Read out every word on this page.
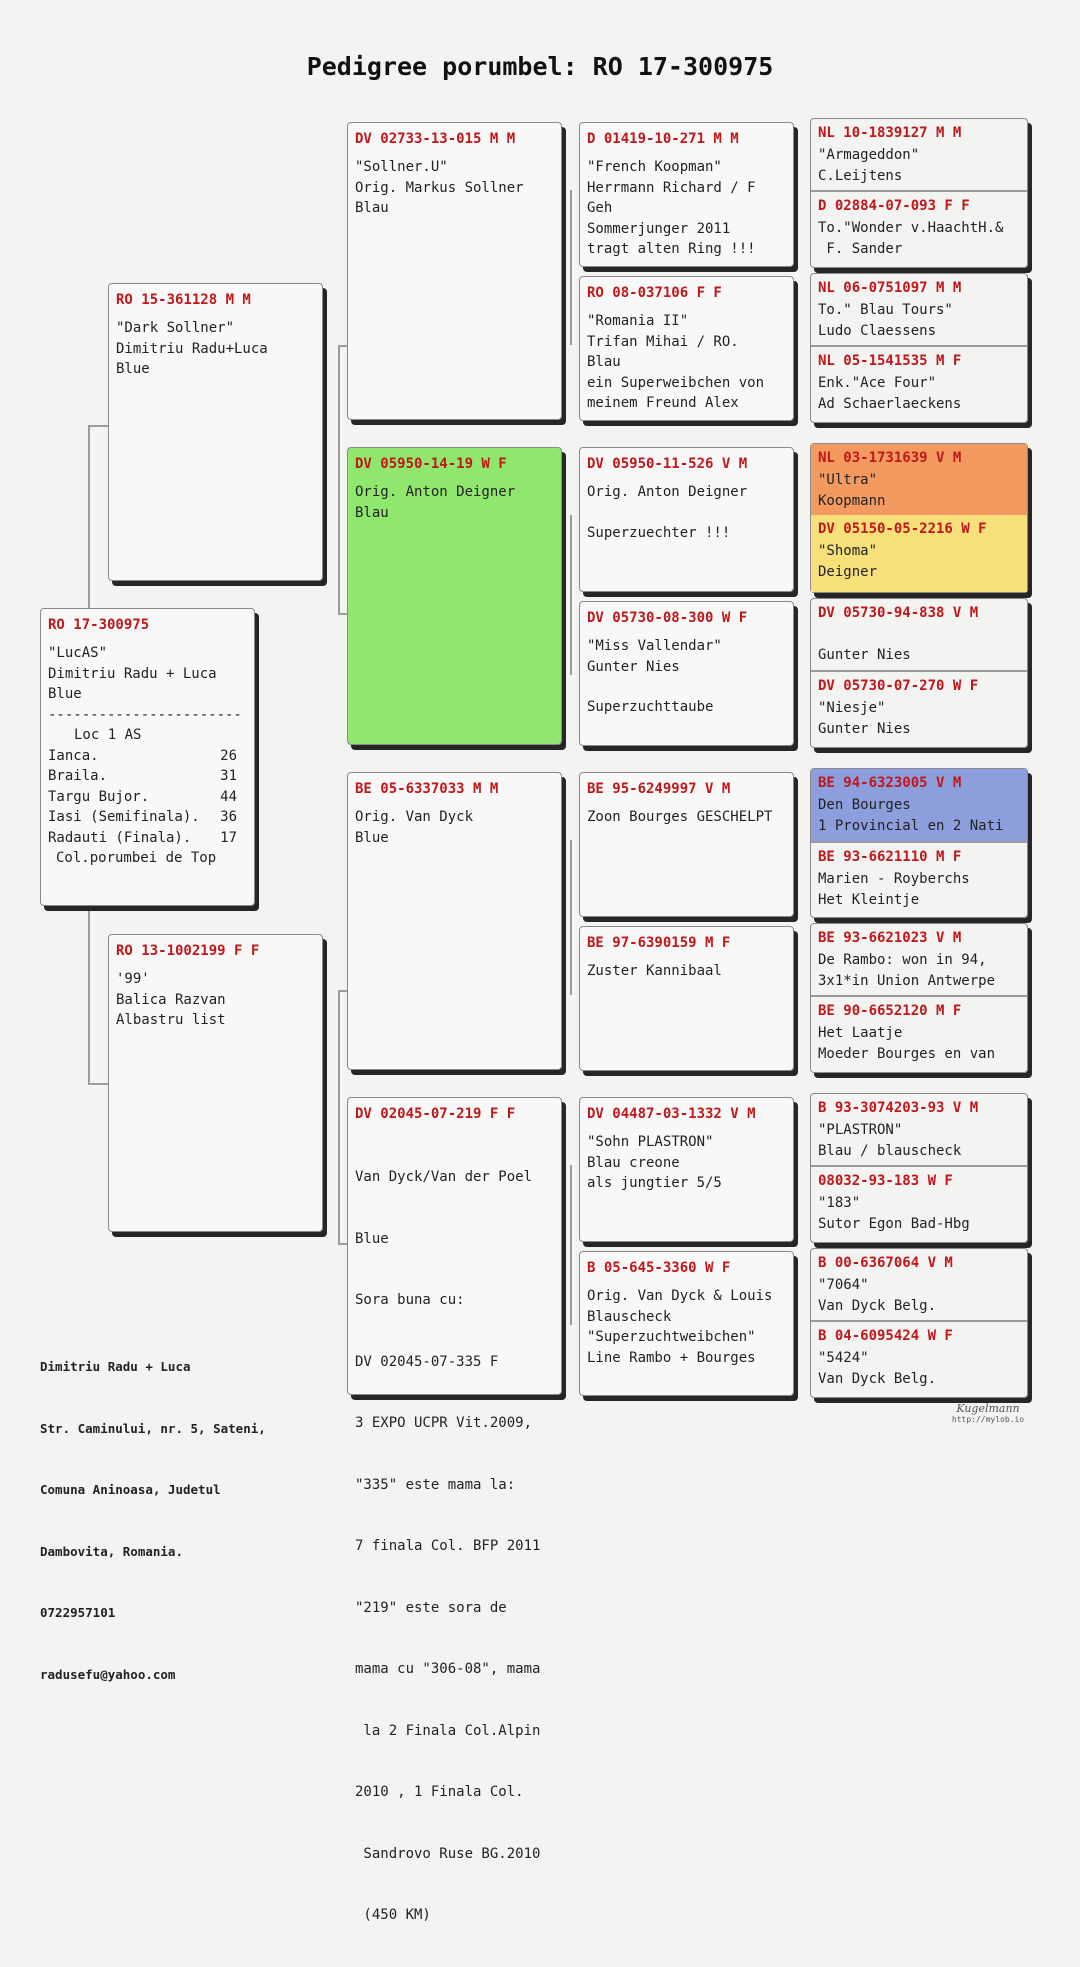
Pedigree porumbel: RO 17-300975
RO 17-300975
"LucAS"
Dimitriu Radu + Luca
Blue
-----------------------
Loc 1 AS
Ianca.	26
Braila.	31
Targu Bujor.	44
Iasi (Semifinala). 36
Radauti (Finala). 17
Col.porumbei de Top
RO 15-361128 M M
"Dark Sollner"
Dimitriu Radu+Luca
Blue
RO 13-1002199 F F
'99'
Balica Razvan
Albastru list
DV 02733-13-015 M M
"Sollner.U"
Orig. Markus Sollner
Blau
DV 05950-14-19 W F
Orig. Anton Deigner
Blau
BE 05-6337033 M M
Orig. Van Dyck
Blue
DV 02045-07-219 F F

Van Dyck/Van der Poel

Blue

Sora buna cu:

DV 02045-07-335 F

3 EXPO UCPR Vit.2009,

"335" este mama la:

7 finala Col. BFP 2011

"219" este sora de

mama cu "306-08", mama

la 2 Finala Col.Alpin

2010 , 1 Finala Col.

Sandrovo Ruse BG.2010

(450 KM)

D 01419-10-271 M M
"French Koopman"
Herrmann Richard / F
Geh
Sommerjunger 2011
tragt alten Ring !!!
RO 08-037106 F F
"Romania II"
Trifan Mihai / RO.
Blau
ein Superweibchen von
meinem Freund Alex
DV 05950-11-526 V M
Orig. Anton Deigner
Superzuechter !!!
DV 05730-08-300 W F
"Miss Vallendar"
Gunter Nies
Superzuchttaube
BE 95-6249997 V M
Zoon Bourges GESCHELPT
BE 97-6390159 M F
Zuster Kannibaal
DV 04487-03-1332 V M
"Sohn PLASTRON"
Blau creone
als jungtier 5/5
B 05-645-3360 W F
Orig. Van Dyck & Louis
Blauscheck
"Superzuchtweibchen"
Line Rambo + Bourges
NL 10-1839127 M M
"Armageddon"
C.Leijtens
D 02884-07-093 F F
To."Wonder v.HaachtH.&
F. Sander
NL 06-0751097 M M
To." Blau Tours"
Ludo Claessens
NL 05-1541535 M F
Enk."Ace Four"
Ad Schaerlaeckens
NL 03-1731639 V M
"Ultra"
Koopmann
DV 05150-05-2216 W F
"Shoma"
Deigner
DV 05730-94-838 V M
Gunter Nies
DV 05730-07-270 W F
"Niesje"
Gunter Nies
BE 94-6323005 V M
Den Bourges
1 Provincial en 2 Nati
BE 93-6621110 M F
Marien - Royberchs
Het Kleintje
BE 93-6621023 V M
De Rambo: won in 94,
3x1*in Union Antwerpe
BE 90-6652120 M F
Het Laatje
Moeder Bourges en van
B 93-3074203-93 V M
"PLASTRON"
Blau / blauscheck
08032-93-183 W F
"183"
Sutor Egon Bad-Hbg
B 00-6367064 V M
"7064"
Van Dyck Belg.
B 04-6095424 W F
"5424"
Van Dyck Belg.

Dimitriu Radu + Luca

Str. Caminului, nr. 5, Sateni,

Comuna Aninoasa, Judetul

Dambovita, Romania.

0722957101

radusefu@yahoo.com

Kugelmann
http://mylob.io
